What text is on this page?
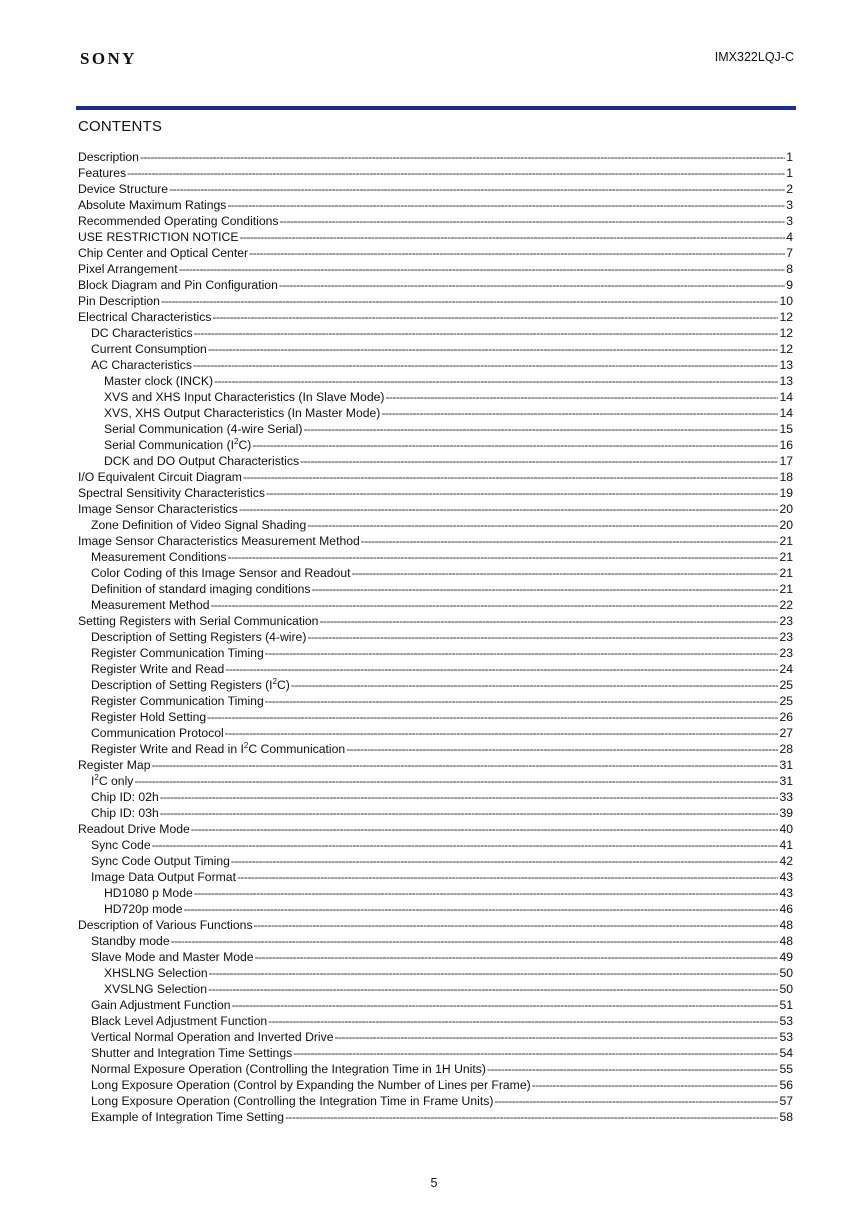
SONY	IMX322LQJ-C
CONTENTS
Description -----	1
Features -----	1
Device Structure -----	2
Absolute Maximum Ratings -----	3
Recommended Operating Conditions -----	3
USE RESTRICTION NOTICE -----	4
Chip Center and Optical Center -----	7
Pixel Arrangement -----	8
Block Diagram and Pin Configuration -----	9
Pin Description -----	10
Electrical Characteristics -----	12
DC Characteristics -----	12
Current Consumption -----	12
AC Characteristics -----	13
Master clock (INCK) -----	13
XVS and XHS Input Characteristics (In Slave Mode) -----	14
XVS, XHS Output Characteristics (In Master Mode) -----	14
Serial Communication (4-wire Serial) -----	15
Serial Communication $(I^2C)$ -----	16
DCK and DO Output Characteristics -----	17
I/O Equivalent Circuit Diagram -----	18
Spectral Sensitivity Characteristics -----	19
Image Sensor Characteristics -----	20
Zone Definition of Video Signal Shading -----	20
Image Sensor Characteristics Measurement Method -----	21
Measurement Conditions -----	21
Color Coding of this Image Sensor and Readout -----	21
Definition of standard imaging conditions -----	21
Measurement Method -----	22
Setting Registers with Serial Communication -----	23
Description of Setting Registers (4-wire) -----	23
Register Communication Timing -----	23
Register Write and Read -----	24
Description of Setting Registers $(I^2C)$ -----	25
Register Communication Timing -----	25
Register Hold Setting -----	26
Communication Protocol -----	27
Register Write and Read in $I^2C$ Communication -----	28
Register Map -----	31
$I^2C$ only -----	31
Chip ID: 02h -----	33
Chip ID: 03h -----	39
Readout Drive Mode -----	40
Sync Code -----	41
Sync Code Output Timing -----	42
Image Data Output Format -----	43
HD1080 p Mode -----	43
HD720p mode -----	46
Description of Various Functions -----	48
Standby mode -----	48
Slave Mode and Master Mode -----	49
XHSLNG Selection -----	50
XVSLNG Selection -----	50
Gain Adjustment Function -----	51
Black Level Adjustment Function -----	53
Vertical Normal Operation and Inverted Drive -----	53
Shutter and Integration Time Settings -----	54
Normal Exposure Operation (Controlling the Integration Time in 1H Units) -----	55
Long Exposure Operation (Control by Expanding the Number of Lines per Frame) -----	56
Long Exposure Operation (Controlling the Integration Time in Frame Units) -----	57
Example of Integration Time Setting -----	58
5
